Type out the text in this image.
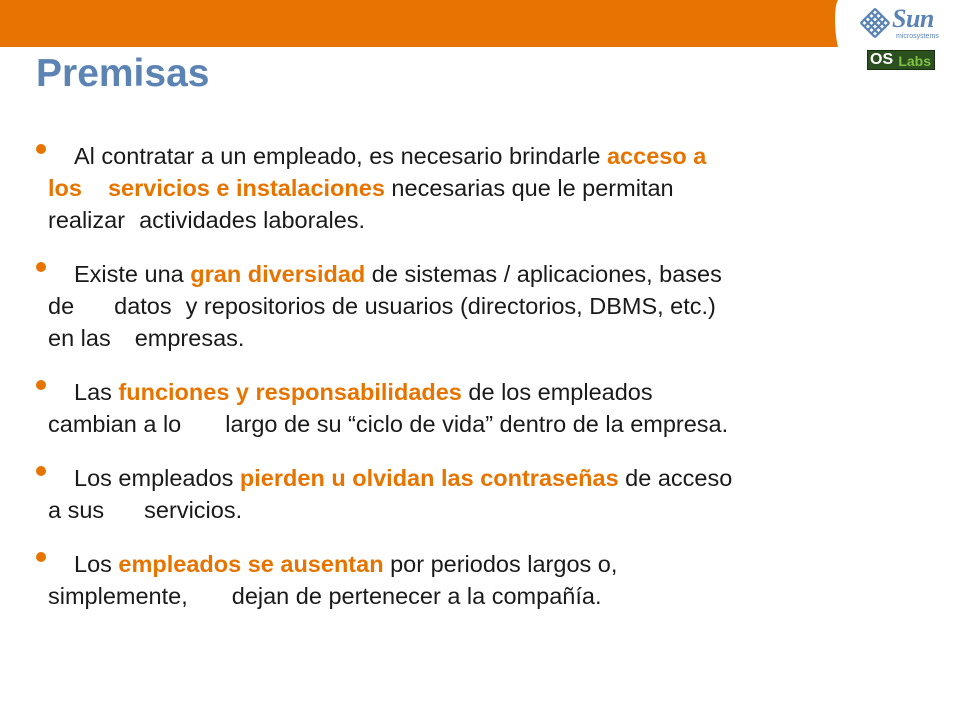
Sun
microsystems
OS Labs
Premisas
Al contratar a un empleado, es necesario brindarle acceso a
los servicios e instalaciones necesarias que le permitan
realizar actividades laborales.
Existe una gran diversidad de sistemas / aplicaciones, bases
de datos y repositorios de usuarios (directorios, DBMS, etc.)
en las empresas.
Las funciones y responsabilidades de los empleados
cambian a lo largo de su “ciclo de vida” dentro de la empresa.
Los empleados pierden u olvidan las contraseñas de acceso
a sus servicios.
Los empleados se ausentan por periodos largos o,
simplemente, dejan de pertenecer a la compañía.
